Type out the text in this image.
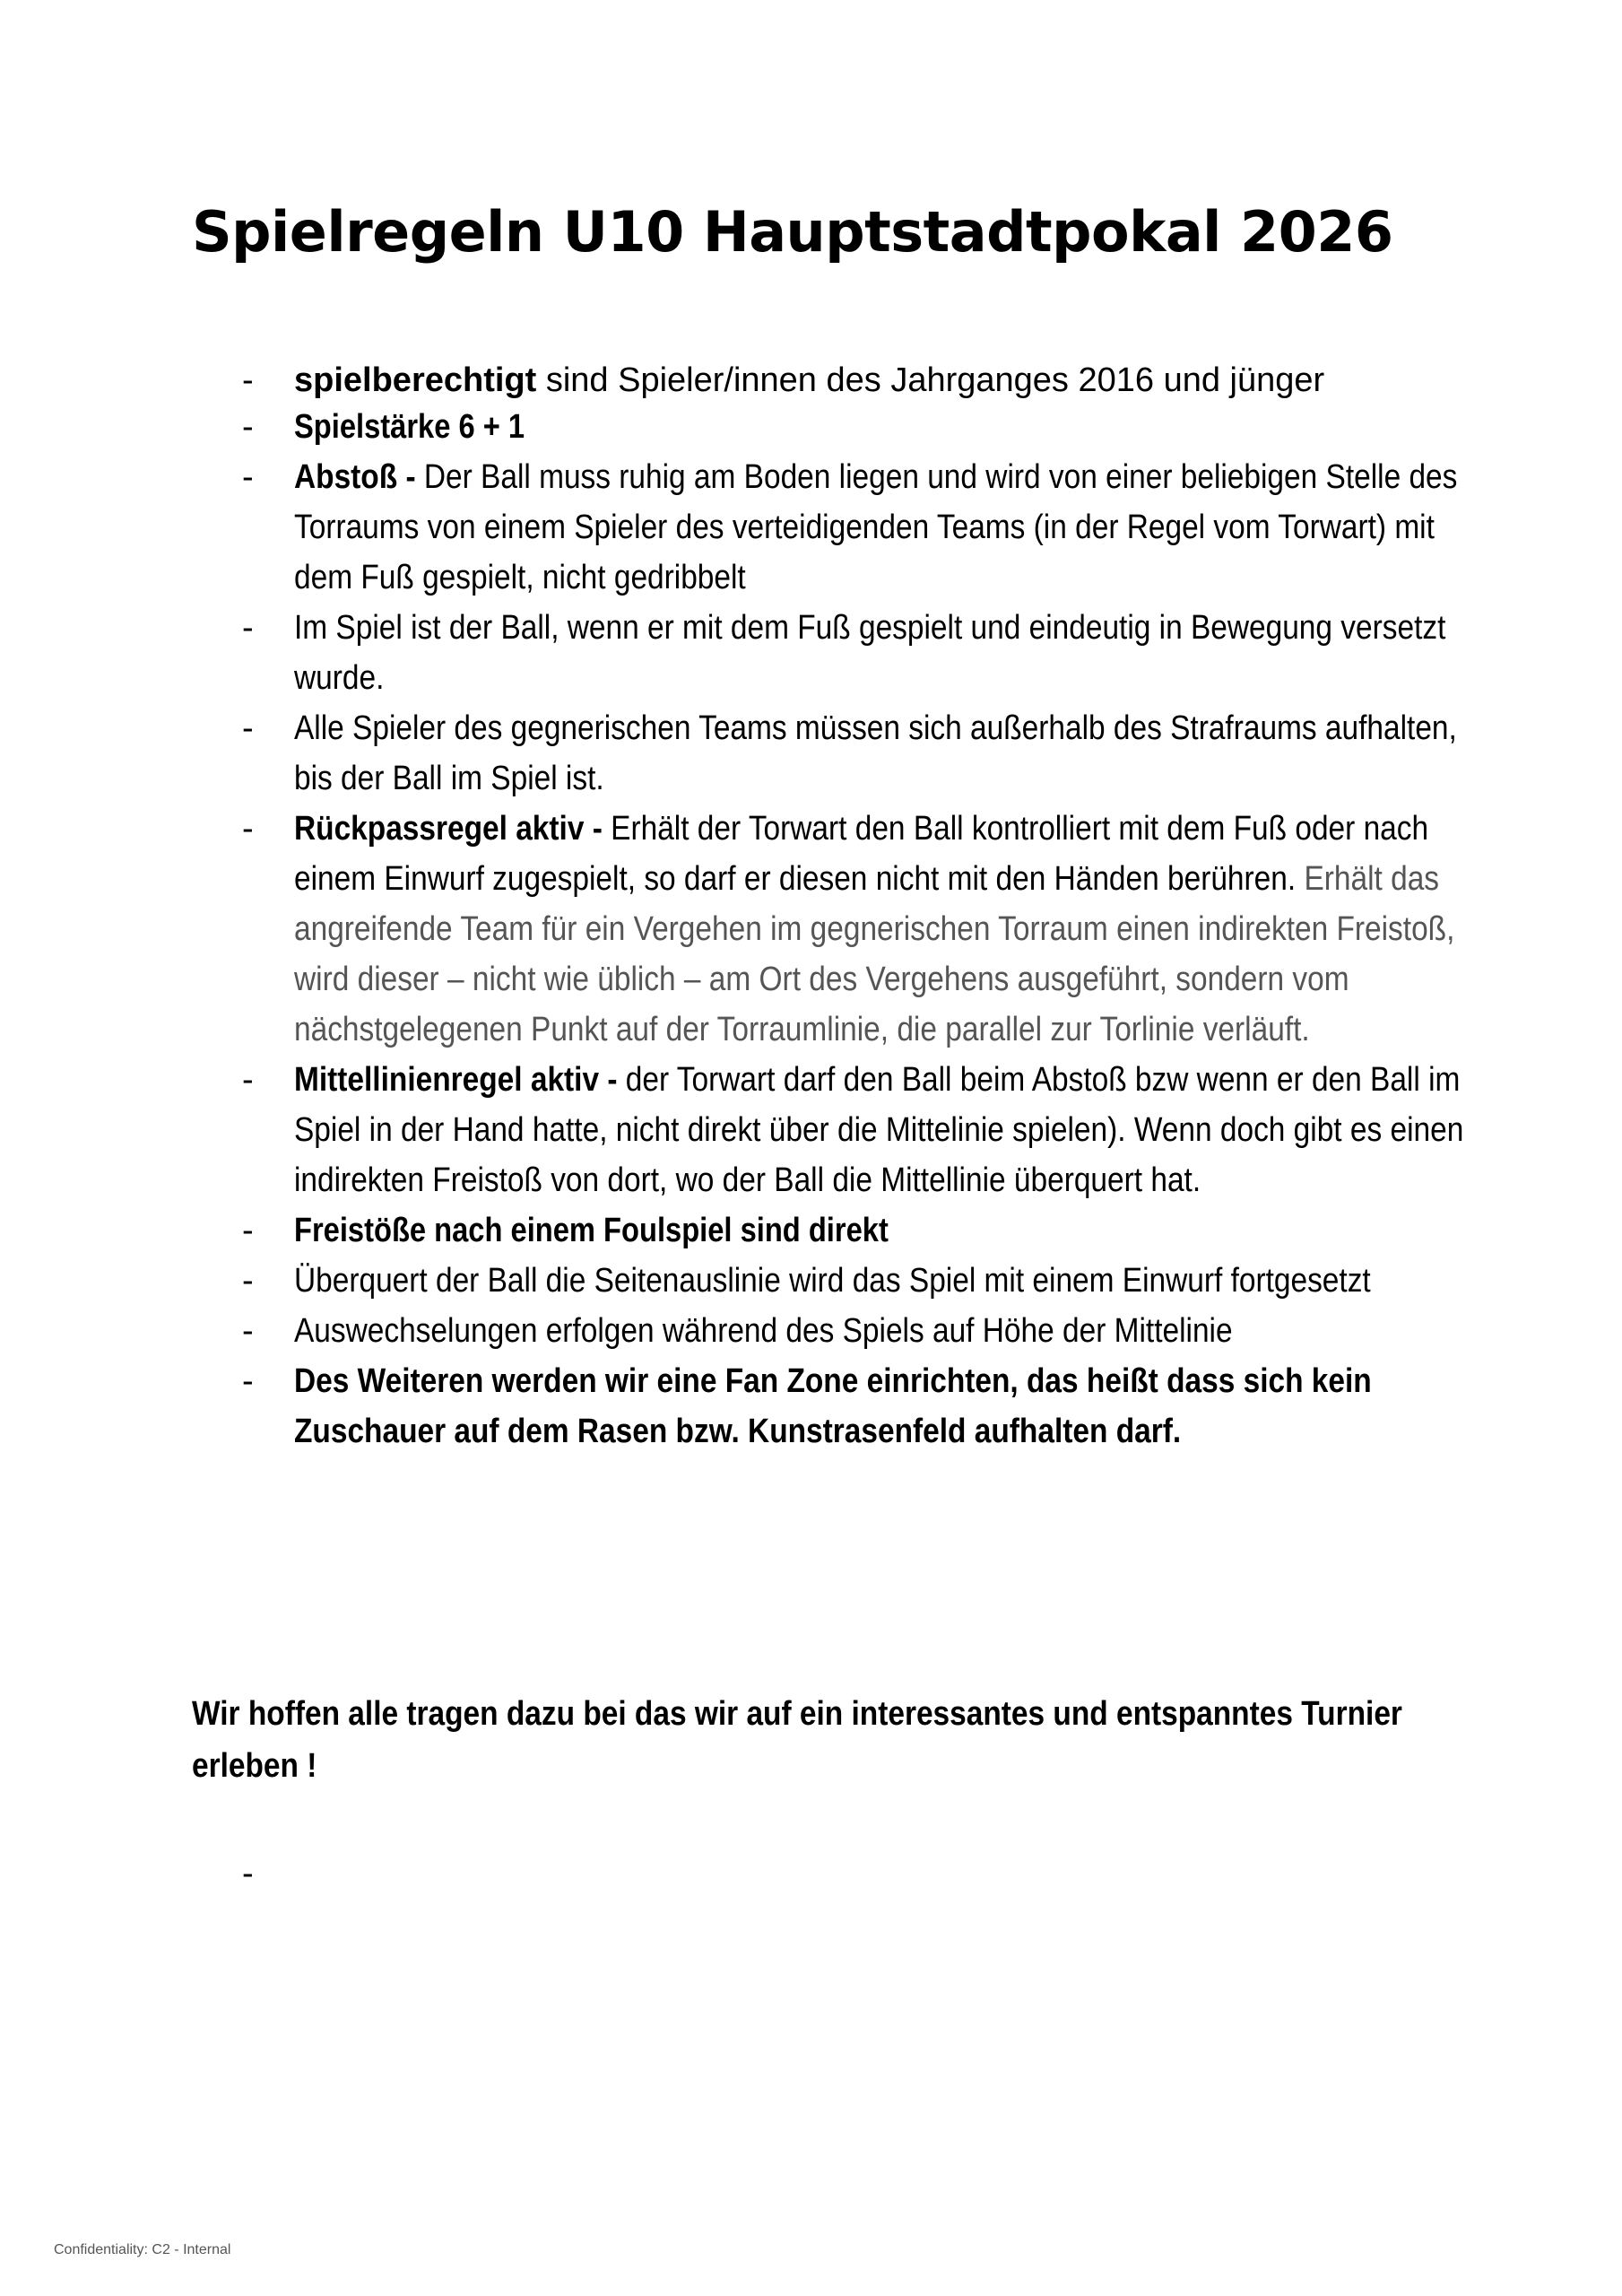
Spielregeln U10 Hauptstadtpokal 2026
-	spielberechtigt sind Spieler/innen des Jahrganges 2016 und jünger
-	Spielstärke 6 + 1
-	Abstoß - Der Ball muss ruhig am Boden liegen und wird von einer beliebigen Stelle des Torraums von einem Spieler des verteidigenden Teams (in der Regel vom Torwart) mit dem Fuß gespielt, nicht gedribbelt
-	Im Spiel ist der Ball, wenn er mit dem Fuß gespielt und eindeutig in Bewegung versetzt wurde.
-	Alle Spieler des gegnerischen Teams müssen sich außerhalb des Strafraums aufhalten, bis der Ball im Spiel ist.
-	Rückpassregel aktiv - Erhält der Torwart den Ball kontrolliert mit dem Fuß oder nach einem Einwurf zugespielt, so darf er diesen nicht mit den Händen berühren. Erhält das angreifende Team für ein Vergehen im gegnerischen Torraum einen indirekten Freistoß, wird dieser – nicht wie üblich – am Ort des Vergehens ausgeführt, sondern vom nächstgelegenen Punkt auf der Torraumlinie, die parallel zur Torlinie verläuft.
-	Mittellinienregel aktiv - der Torwart darf den Ball beim Abstoß bzw wenn er den Ball im Spiel in der Hand hatte, nicht direkt über die Mittelinie spielen). Wenn doch gibt es einen indirekten Freistoß von dort, wo der Ball die Mittellinie überquert hat.
-	Freistöße nach einem Foulspiel sind direkt
-	Überquert der Ball die Seitenauslinie wird das Spiel mit einem Einwurf fortgesetzt
-	Auswechselungen erfolgen während des Spiels auf Höhe der Mittelinie
-	Des Weiteren werden wir eine Fan Zone einrichten, das heißt dass sich kein Zuschauer auf dem Rasen bzw. Kunstrasenfeld aufhalten darf.

Wir hoffen alle tragen dazu bei das wir auf ein interessantes und entspanntes Turnier erleben !

-
Confidentiality: C2 - Internal
